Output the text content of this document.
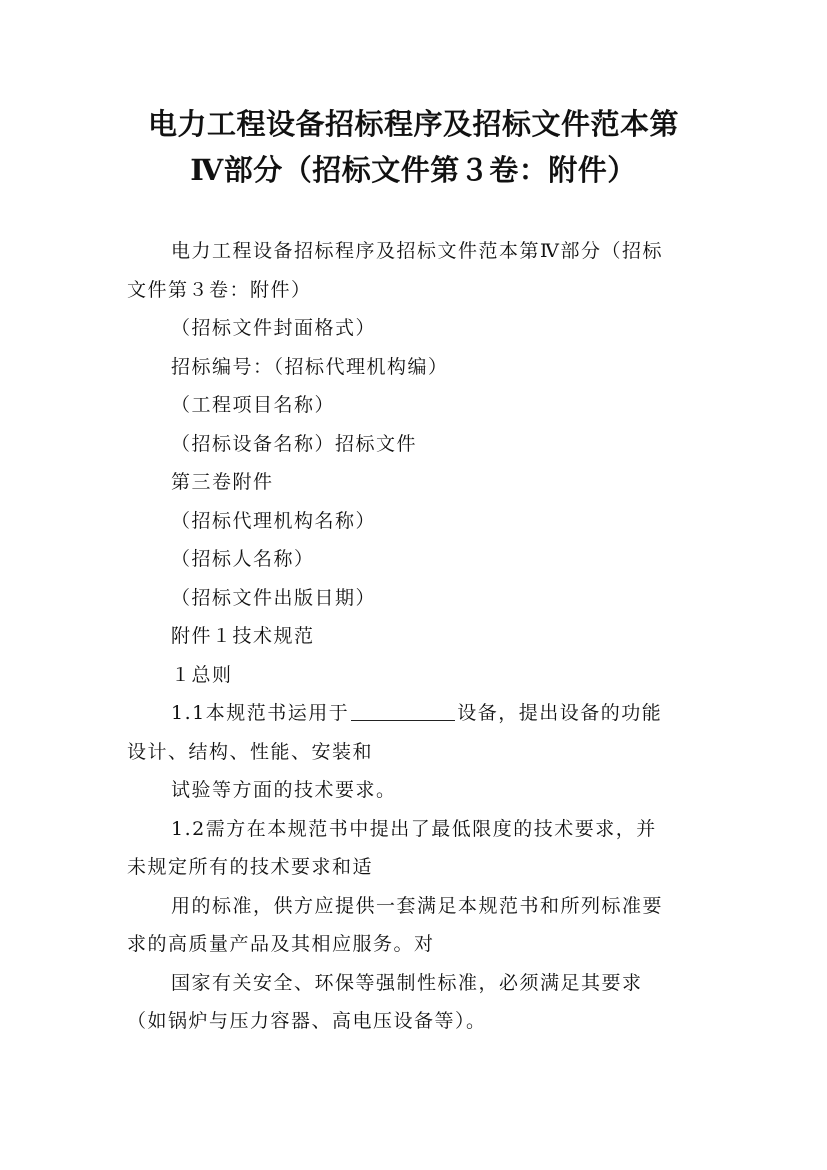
电力工程设备招标程序及招标文件范本第
Ⅳ部分（招标文件第３卷：附件）

电力工程设备招标程序及招标文件范本第Ⅳ部分（招标

文件第３卷：附件）

（招标文件封面格式）

招标编号：（招标代理机构编）

（工程项目名称）

（招标设备名称）招标文件

第三卷附件

（招标代理机构名称）

（招标人名称）

（招标文件出版日期）

附件１技术规范

１总则

1.1本规范书运用于	设备，提出设备的功能

设计、结构、性能、安装和

试验等方面的技术要求。

1.2需方在本规范书中提出了最低限度的技术要求，并

未规定所有的技术要求和适

用的标准，供方应提供一套满足本规范书和所列标准要

求的高质量产品及其相应服务。对

国家有关安全、环保等强制性标准，必须满足其要求

（如锅炉与压力容器、高电压设备等）。
